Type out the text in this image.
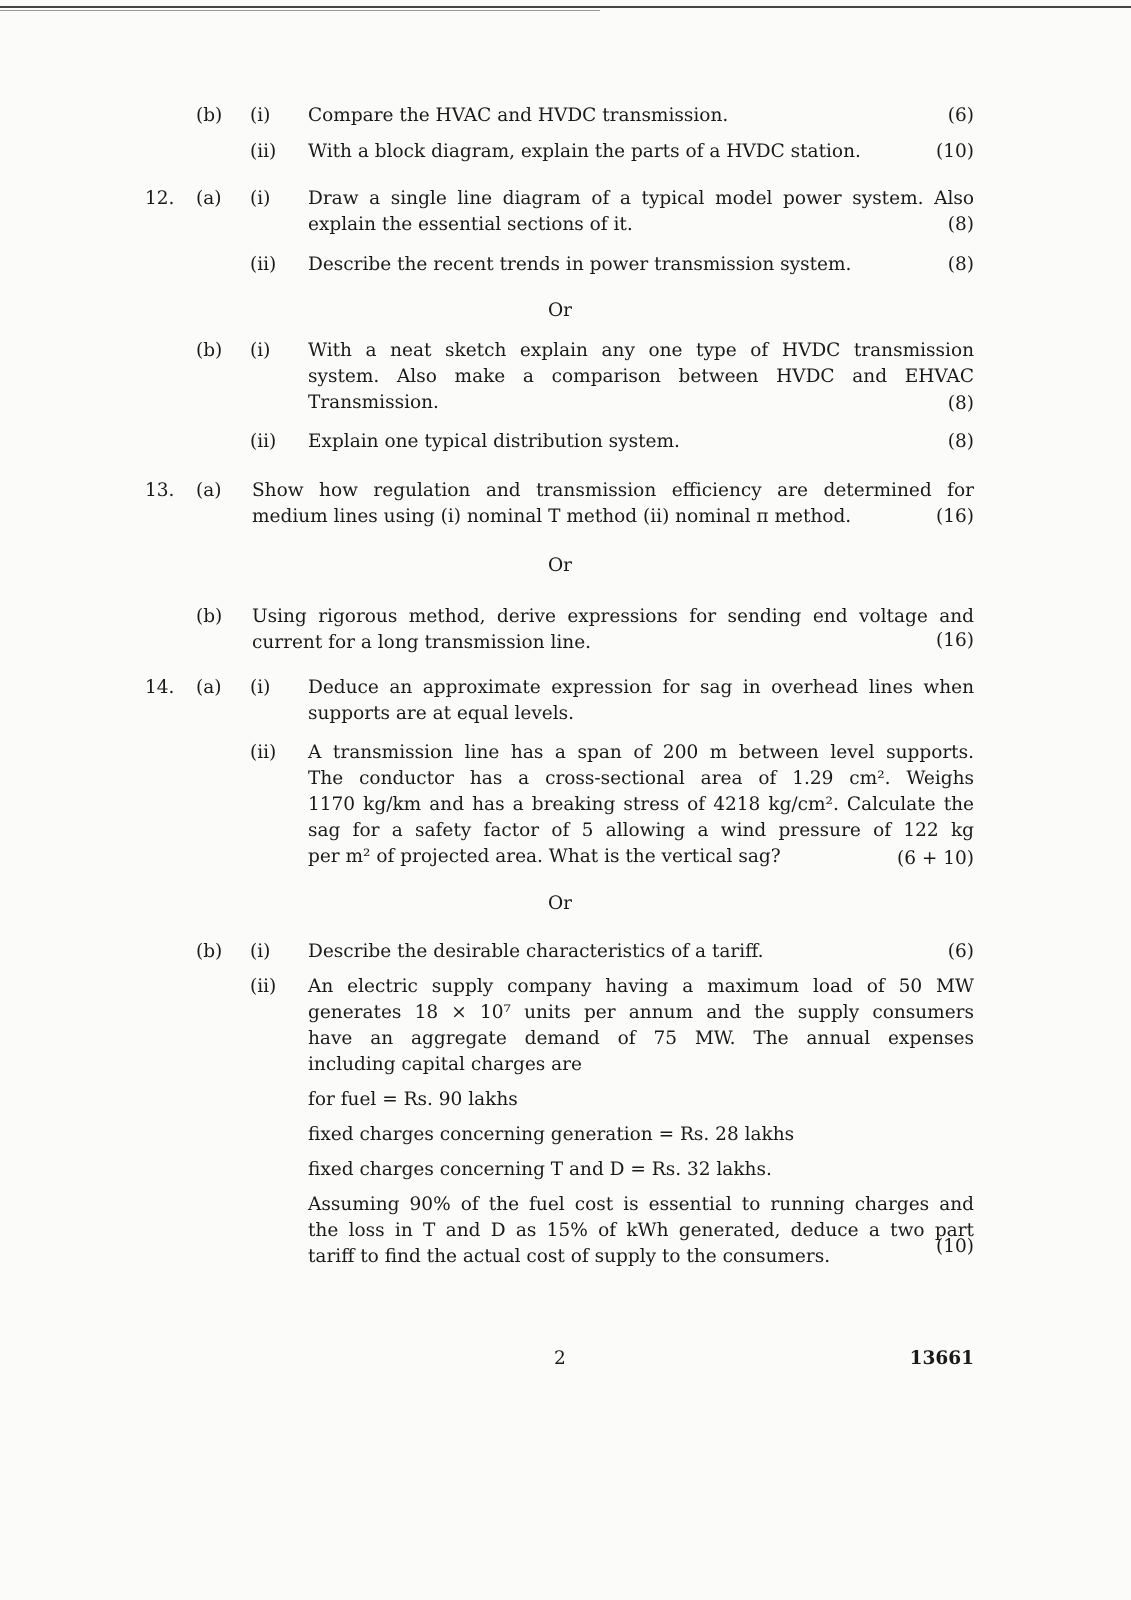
(b) (i) Compare the HVAC and HVDC transmission.	(6)
(ii) With a block diagram, explain the parts of a HVDC station.	(10)
12. (a) (i) Draw a single line diagram of a typical model power system. Also
explain the essential sections of it.	(8)
(ii) Describe the recent trends in power transmission system.	(8)
Or
(b) (i) With a neat sketch explain any one type of HVDC transmission
system. Also make a comparison between HVDC and EHVAC
Transmission.	(8)
(ii) Explain one typical distribution system.	(8)
13. (a) Show how regulation and transmission efficiency are determined for
medium lines using (i) nominal T method (ii) nominal π method.	(16)
Or
(b) Using rigorous method, derive expressions for sending end voltage and
current for a long transmission line.	(16)
14. (a) (i) Deduce an approximate expression for sag in overhead lines when
supports are at equal levels.
(ii) A transmission line has a span of 200 m between level supports.
The conductor has a cross-sectional area of 1.29 cm². Weighs
1170 kg/km and has a breaking stress of 4218 kg/cm². Calculate the
sag for a safety factor of 5 allowing a wind pressure of 122 kg
per m² of projected area. What is the vertical sag?	(6 + 10)
Or
(b) (i) Describe the desirable characteristics of a tariff.	(6)
(ii) An electric supply company having a maximum load of 50 MW
generates 18 × 10⁷ units per annum and the supply consumers
have an aggregate demand of 75 MW. The annual expenses
including capital charges are
for fuel = Rs. 90 lakhs
fixed charges concerning generation = Rs. 28 lakhs
fixed charges concerning T and D = Rs. 32 lakhs.
Assuming 90% of the fuel cost is essential to running charges and
the loss in T and D as 15% of kWh generated, deduce a two part
tariff to find the actual cost of supply to the consumers.	(10)
2	13661
